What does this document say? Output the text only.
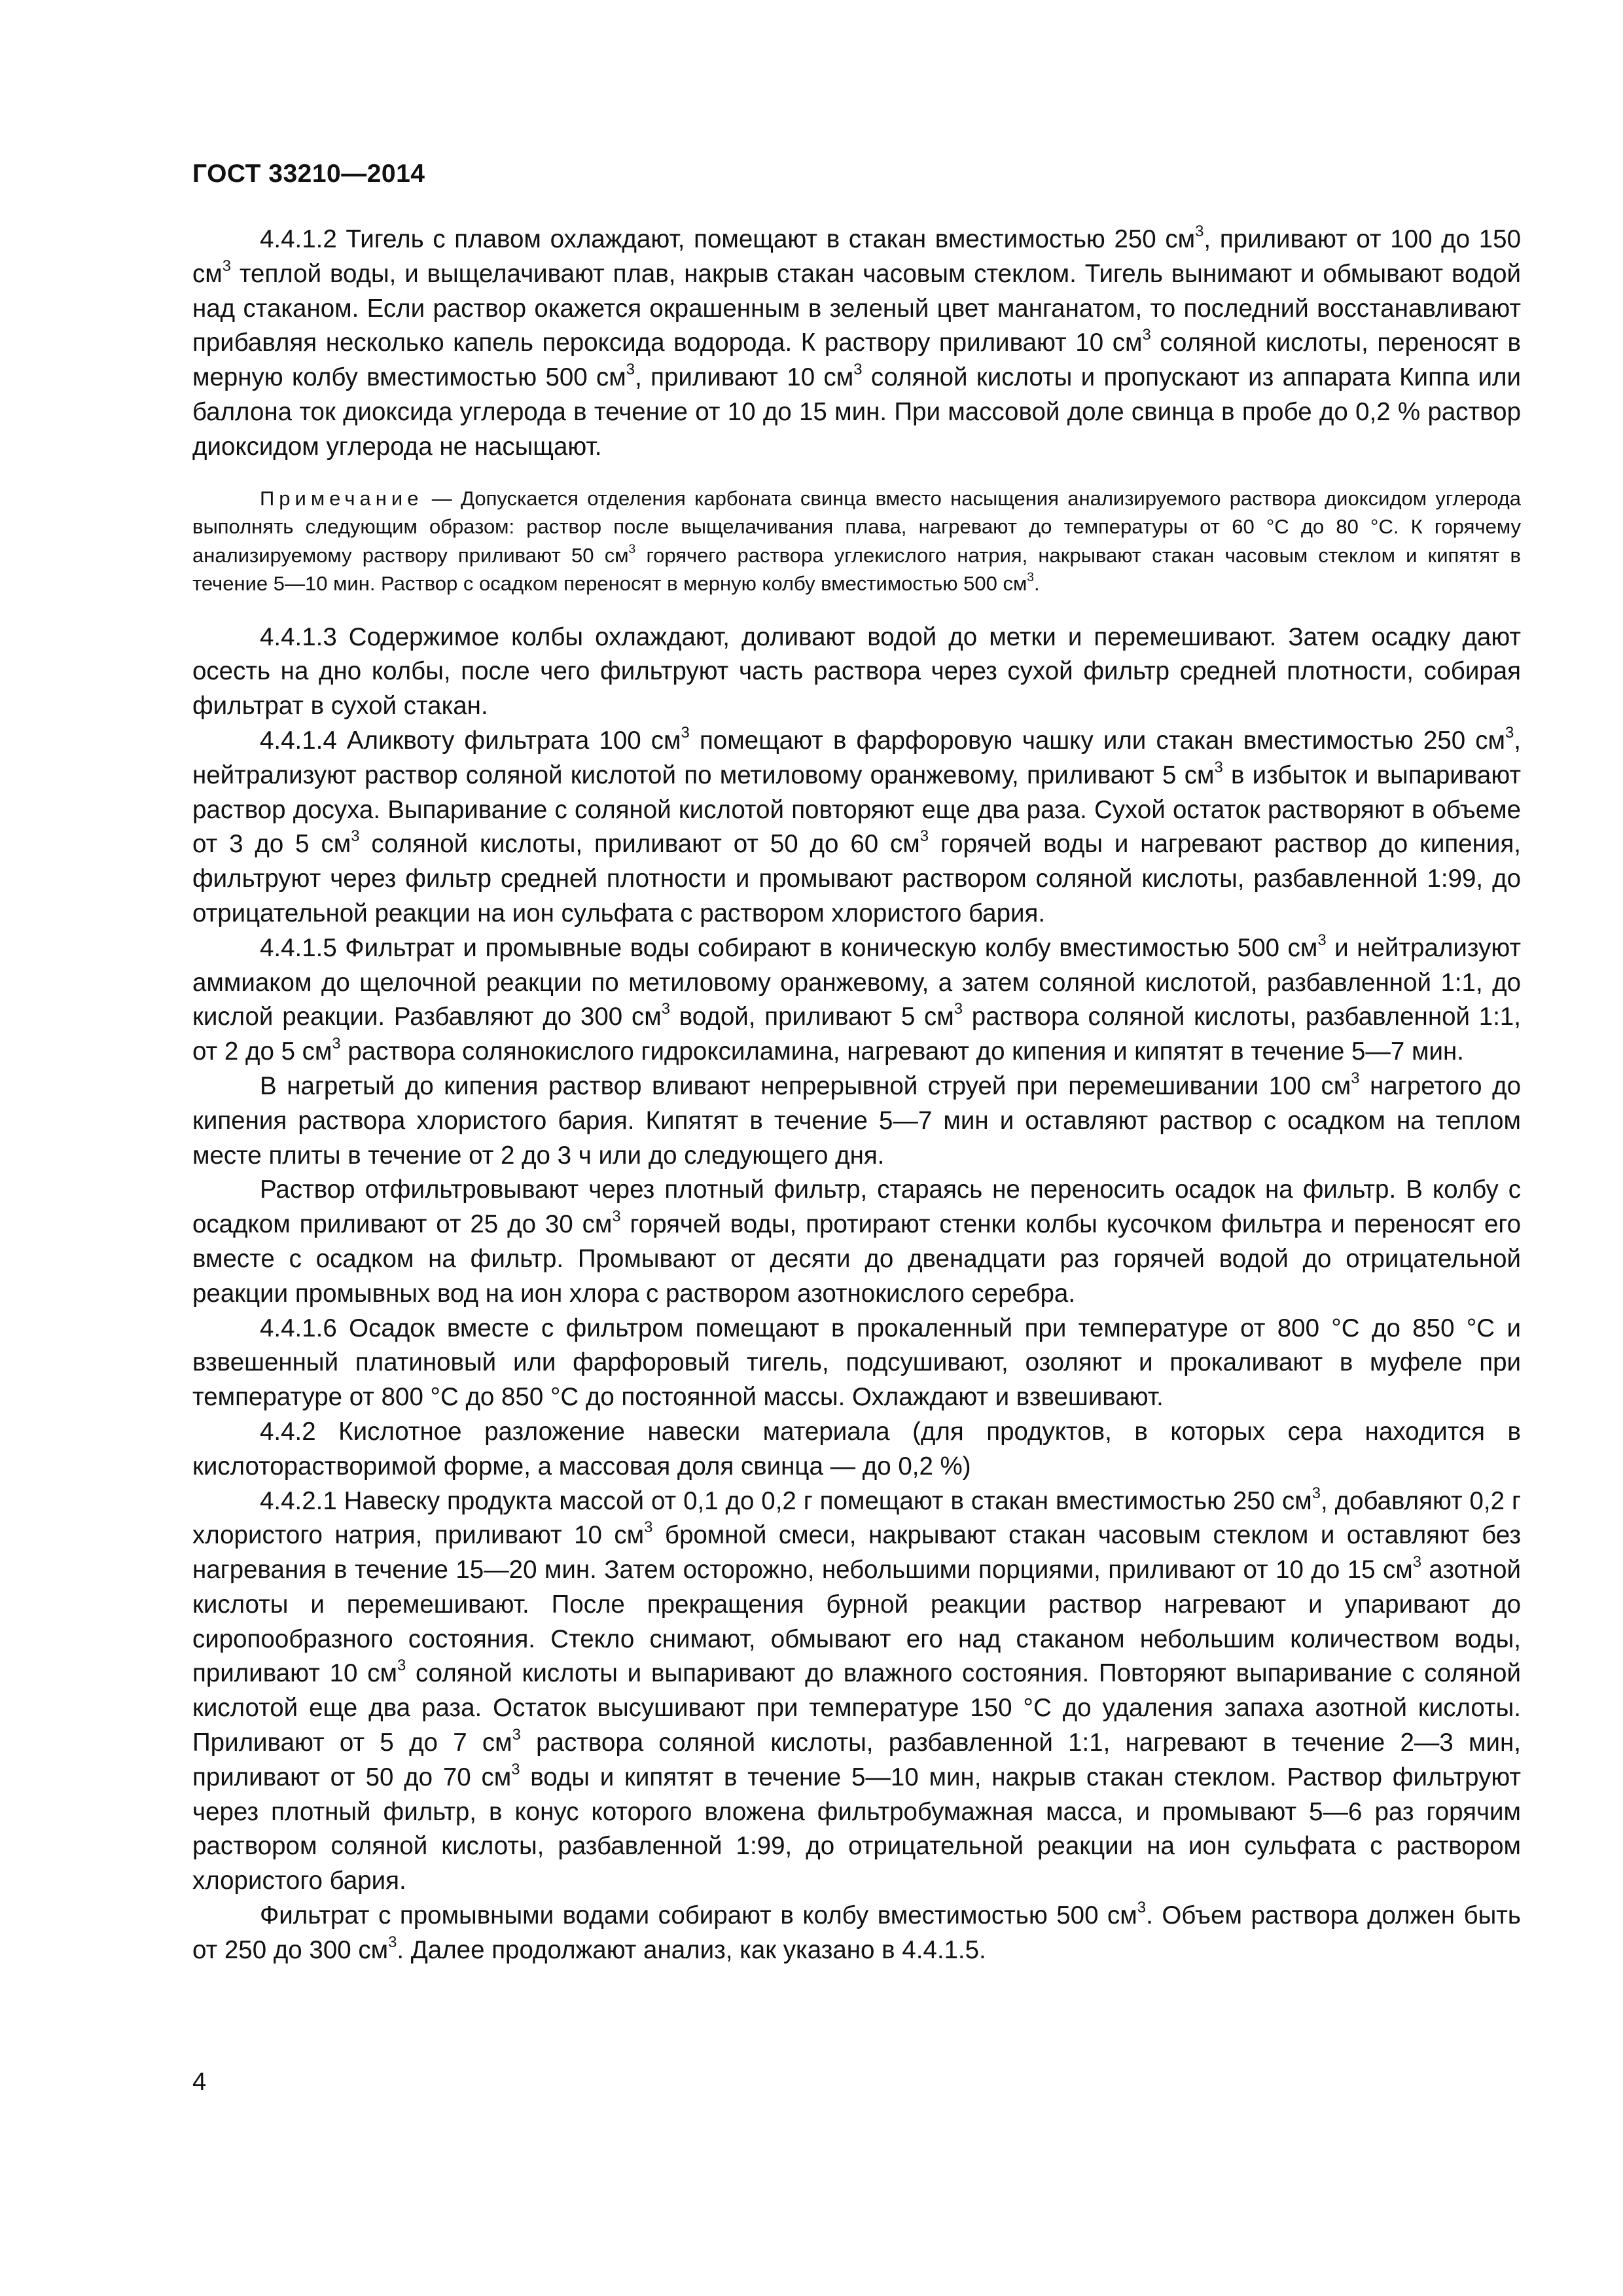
ГОСТ 33210—2014

4.4.1.2 Тигель с плавом охлаждают, помещают в стакан вместимостью 250 $см^3$, приливают от 100 до 150 $см^3$ теплой воды, и выщелачивают плав, накрыв стакан часовым стеклом. Тигель вынимают и обмывают водой над стаканом. Если раствор окажется окрашенным в зеленый цвет манганатом, то последний восстанавливают прибавляя несколько капель пероксида водорода. К раствору приливают 10 $см^3$ соляной кислоты, переносят в мерную колбу вместимостью 500 $см^3$, приливают 10 $см^3$ соляной кислоты и пропускают из аппарата Киппа или баллона ток диоксида углерода в течение от 10 до 15 мин. При массовой доле свинца в пробе до 0,2 % раствор диоксидом углерода не насыщают.

Примечание — Допускается отделения карбоната свинца вместо насыщения анализируемого раствора диоксидом углерода выполнять следующим образом: раствор после выщелачивания плава, нагревают до температуры от 60 °С до 80 °С. К горячему анализируемому раствору приливают 50 $см^3$ горячего раствора углекислого натрия, накрывают стакан часовым стеклом и кипятят в течение 5—10 мин. Раствор с осадком переносят в мерную колбу вместимостью 500 $см^3$.

4.4.1.3 Содержимое колбы охлаждают, доливают водой до метки и перемешивают. Затем осадку дают осесть на дно колбы, после чего фильтруют часть раствора через сухой фильтр средней плотности, собирая фильтрат в сухой стакан.

4.4.1.4 Аликвоту фильтрата 100 $см^3$ помещают в фарфоровую чашку или стакан вместимостью 250 $см^3$, нейтрализуют раствор соляной кислотой по метиловому оранжевому, приливают 5 $см^3$ в избыток и выпаривают раствор досуха. Выпаривание с соляной кислотой повторяют еще два раза. Сухой остаток растворяют в объеме от 3 до 5 $см^3$ соляной кислоты, приливают от 50 до 60 $см^3$ горячей воды и нагревают раствор до кипения, фильтруют через фильтр средней плотности и промывают раствором соляной кислоты, разбавленной 1:99, до отрицательной реакции на ион сульфата с раствором хлористого бария.

4.4.1.5 Фильтрат и промывные воды собирают в коническую колбу вместимостью 500 $см^3$ и нейтрализуют аммиаком до щелочной реакции по метиловому оранжевому, а затем соляной кислотой, разбавленной 1:1, до кислой реакции. Разбавляют до 300 $см^3$ водой, приливают 5 $см^3$ раствора соляной кислоты, разбавленной 1:1, от 2 до 5 $см^3$ раствора солянокислого гидроксиламина, нагревают до кипения и кипятят в течение 5—7 мин.

В нагретый до кипения раствор вливают непрерывной струей при перемешивании 100 $см^3$ нагретого до кипения раствора хлористого бария. Кипятят в течение 5—7 мин и оставляют раствор с осадком на теплом месте плиты в течение от 2 до 3 ч или до следующего дня.

Раствор отфильтровывают через плотный фильтр, стараясь не переносить осадок на фильтр. В колбу с осадком приливают от 25 до 30 $см^3$ горячей воды, протирают стенки колбы кусочком фильтра и переносят его вместе с осадком на фильтр. Промывают от десяти до двенадцати раз горячей водой до отрицательной реакции промывных вод на ион хлора с раствором азотнокислого серебра.

4.4.1.6 Осадок вместе с фильтром помещают в прокаленный при температуре от 800 °С до 850 °С и взвешенный платиновый или фарфоровый тигель, подсушивают, озоляют и прокаливают в муфеле при температуре от 800 °С до 850 °С до постоянной массы. Охлаждают и взвешивают.

4.4.2 Кислотное разложение навески материала (для продуктов, в которых сера находится в кислоторастворимой форме, а массовая доля свинца — до 0,2 %)

4.4.2.1 Навеску продукта массой от 0,1 до 0,2 г помещают в стакан вместимостью 250 $см^3$, добавляют 0,2 г хлористого натрия, приливают 10 $см^3$ бромной смеси, накрывают стакан часовым стеклом и оставляют без нагревания в течение 15—20 мин. Затем осторожно, небольшими порциями, приливают от 10 до 15 $см^3$ азотной кислоты и перемешивают. После прекращения бурной реакции раствор нагревают и упаривают до сиропообразного состояния. Стекло снимают, обмывают его над стаканом небольшим количеством воды, приливают 10 $см^3$ соляной кислоты и выпаривают до влажного состояния. Повторяют выпаривание с соляной кислотой еще два раза. Остаток высушивают при температуре 150 °С до удаления запаха азотной кислоты. Приливают от 5 до 7 $см^3$ раствора соляной кислоты, разбавленной 1:1, нагревают в течение 2—3 мин, приливают от 50 до 70 $см^3$ воды и кипятят в течение 5—10 мин, накрыв стакан стеклом. Раствор фильтруют через плотный фильтр, в конус которого вложена фильтробумажная масса, и промывают 5—6 раз горячим раствором соляной кислоты, разбавленной 1:99, до отрицательной реакции на ион сульфата с раствором хлористого бария.

Фильтрат с промывными водами собирают в колбу вместимостью 500 $см^3$. Объем раствора должен быть от 250 до 300 $см^3$. Далее продолжают анализ, как указано в 4.4.1.5.

4
